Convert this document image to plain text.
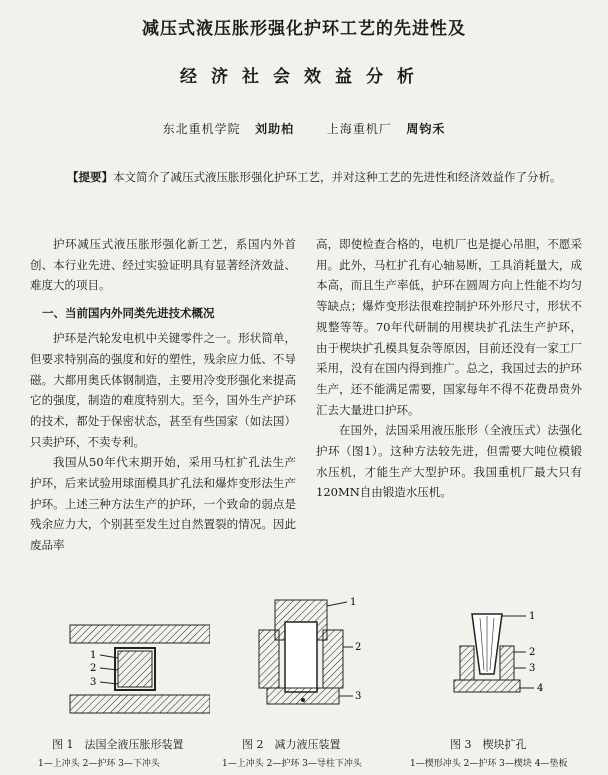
减压式液压胀形强化护环工艺的先进性及
经济社会效益分析
东北重机学院 刘助柏	上海重机厂 周钧禾
【提要】本文简介了减压式液压胀形强化护环工艺，并对这种工艺的先进性和经济效益作了分析。

护环减压式液压胀形强化新工艺，系国内外首创、本行业先进、经过实验证明具有显著经济效益、难度大的项目。

一、当前国内外同类先进技术概况

护环是汽轮发电机中关键零件之一。形状简单，但要求特别高的强度和好的塑性，残余应力低、不导磁。大都用奥氏体钢制造，主要用冷变形强化来提高它的强度，制造的难度特别大。至今，国外生产护环的技术，都处于保密状态，甚至有些国家（如法国）只卖护环，不卖专利。

我国从50年代末期开始，采用马杠扩孔法生产护环，后来试验用球面模具扩孔法和爆炸变形法生产护环。上述三种方法生产的护环，一个致命的弱点是残余应力大，个别甚至发生过自然置裂的情况。因此废品率

高，即使检查合格的，电机厂也是提心吊胆，不愿采用。此外，马杠扩孔有心轴易断，工具消耗量大，成本高，而且生产率低，护环在圆周方向上性能不均匀等缺点；爆炸变形法很难控制护环外形尺寸，形状不规整等等。70年代研制的用楔块扩孔法生产护环，由于楔块扩孔模具复杂等原因，目前还没有一家工厂采用，没有在国内得到推广。总之，我国过去的护环生产，还不能满足需要，国家每年不得不花费昂贵外汇去大量进口护环。

在国外，法国采用液压胀形（全液压式）法强化护环（图1）。这种方法较先进，但需要大吨位模锻水压机，才能生产大型护环。我国重机厂最大只有120MN自由锻造水压机。

1
2
3
1
2
3
1
2
3
4
图 1　法国全液压胀形装置	图 2　减力液压装置	图 3　楔块扩孔
1—上冲头 2—护环 3—下冲头	1—上冲头 2—护环 3—导柱下冲头	1—楔形冲头 2—护环 3—楔块 4—垫板
